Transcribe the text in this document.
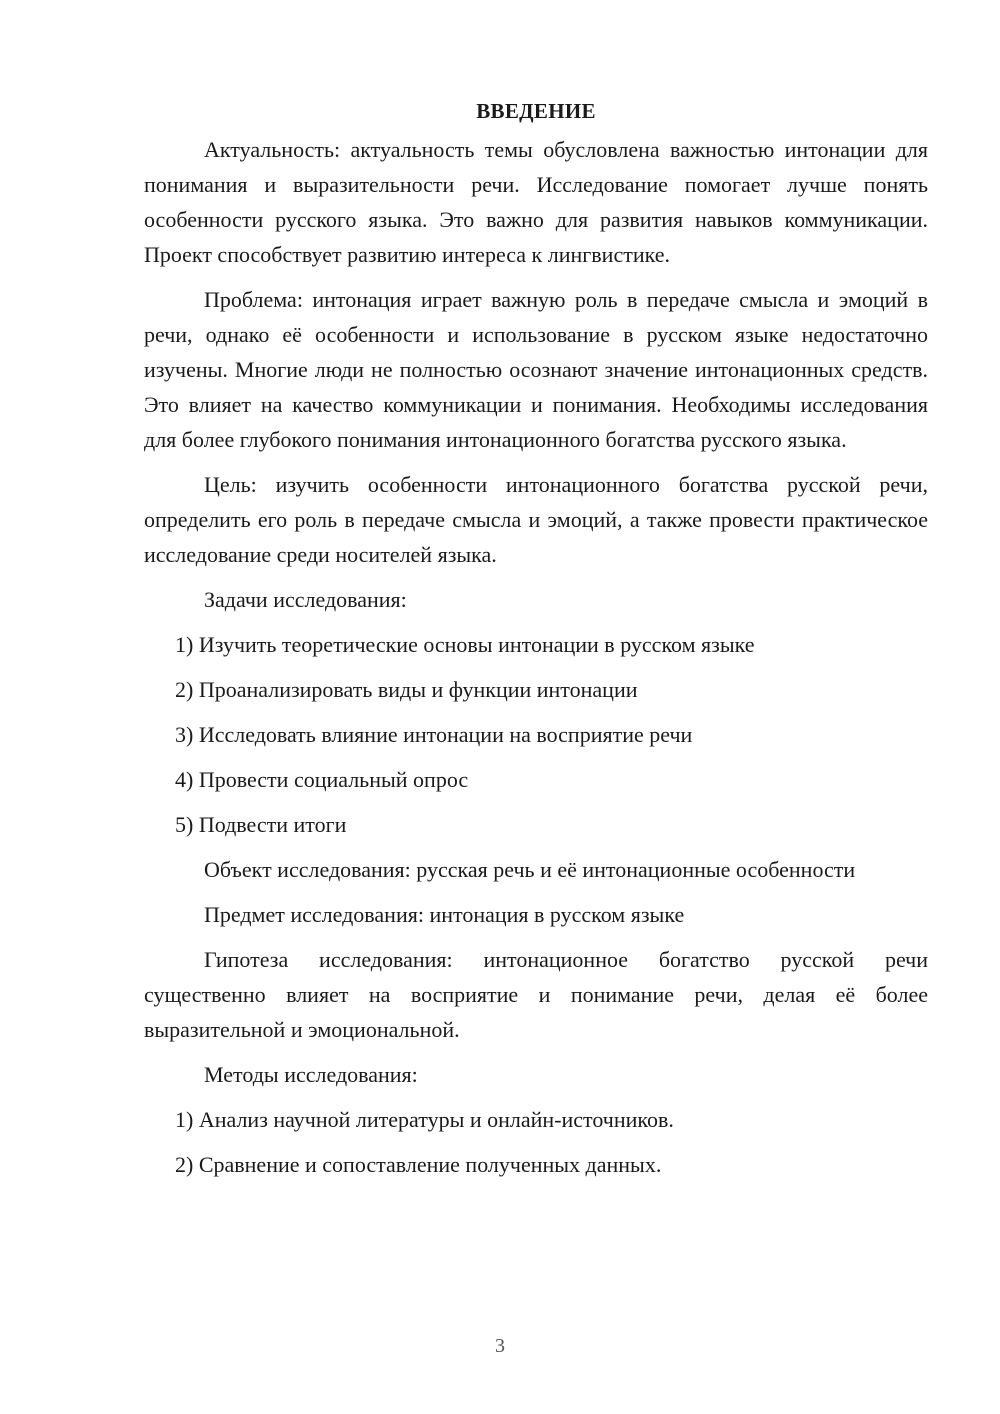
ВВЕДЕНИЕ

Актуальность: актуальность темы обусловлена важностью интонации для понимания и выразительности речи. Исследование помогает лучше понять особенности русского языка. Это важно для развития навыков коммуникации. Проект способствует развитию интереса к лингвистике.

Проблема: интонация играет важную роль в передаче смысла и эмоций в речи, однако её особенности и использование в русском языке недостаточно изучены. Многие люди не полностью осознают значение интонационных средств. Это влияет на качество коммуникации и понимания. Необходимы исследования для более глубокого понимания интонационного богатства русского языка.

Цель: изучить особенности интонационного богатства русской речи, определить его роль в передаче смысла и эмоций, а также провести практическое исследование среди носителей языка.

Задачи исследования:
1) Изучить теоретические основы интонации в русском языке
2) Проанализировать виды и функции интонации
3) Исследовать влияние интонации на восприятие речи
4) Провести социальный опрос
5) Подвести итоги

Объект исследования: русская речь и её интонационные особенности

Предмет исследования: интонация в русском языке

Гипотеза исследования: интонационное богатство русской речи существенно влияет на восприятие и понимание речи, делая её более выразительной и эмоциональной.

Методы исследования:
1) Анализ научной литературы и онлайн-источников.
2) Сравнение и сопоставление полученных данных.
3
